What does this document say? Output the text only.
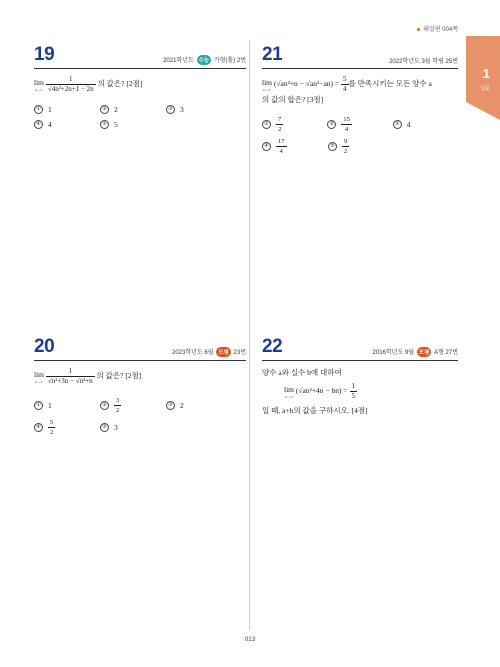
해설편 004쪽
1
입문
19	2021학년도 수능 가형(홀) 2번
lim
n→∞
$\frac{1}{\text{√4n²+2n+1 − 2n}}$ 의 값은? [2점]
① 1	② 2	③ 3
④ 4	⑤ 5
21	2022학년도 3월 학평 25번
lim
n→∞
$(√an^2+n - √an^2-an) = \frac{5}{4}$ 를 만족시키는 모든 양수 a
의 값의 합은? [3점]
①	$\frac{7}{2}$	②	$\frac{15}{4}$	③ 4
④	$\frac{17}{4}$	⑤	$\frac{9}{2}$
20	2023학년도 6월 모평 23번
lim
n→∞
$\frac{1}{\text{√n²+3n − √n²+n}}$ 의 값은? [2점]
① 1	②	$\frac{3}{2}$	③ 2
④	$\frac{5}{2}$	⑤ 3
22	2016학년도 9월 모평 A형 27번
양수 a와 실수 b에 대하여
lim
n→∞
$(√an^2+4n - bn) = \frac{1}{5}$
일 때, a+b의 값을 구하시오. [4점]
013
